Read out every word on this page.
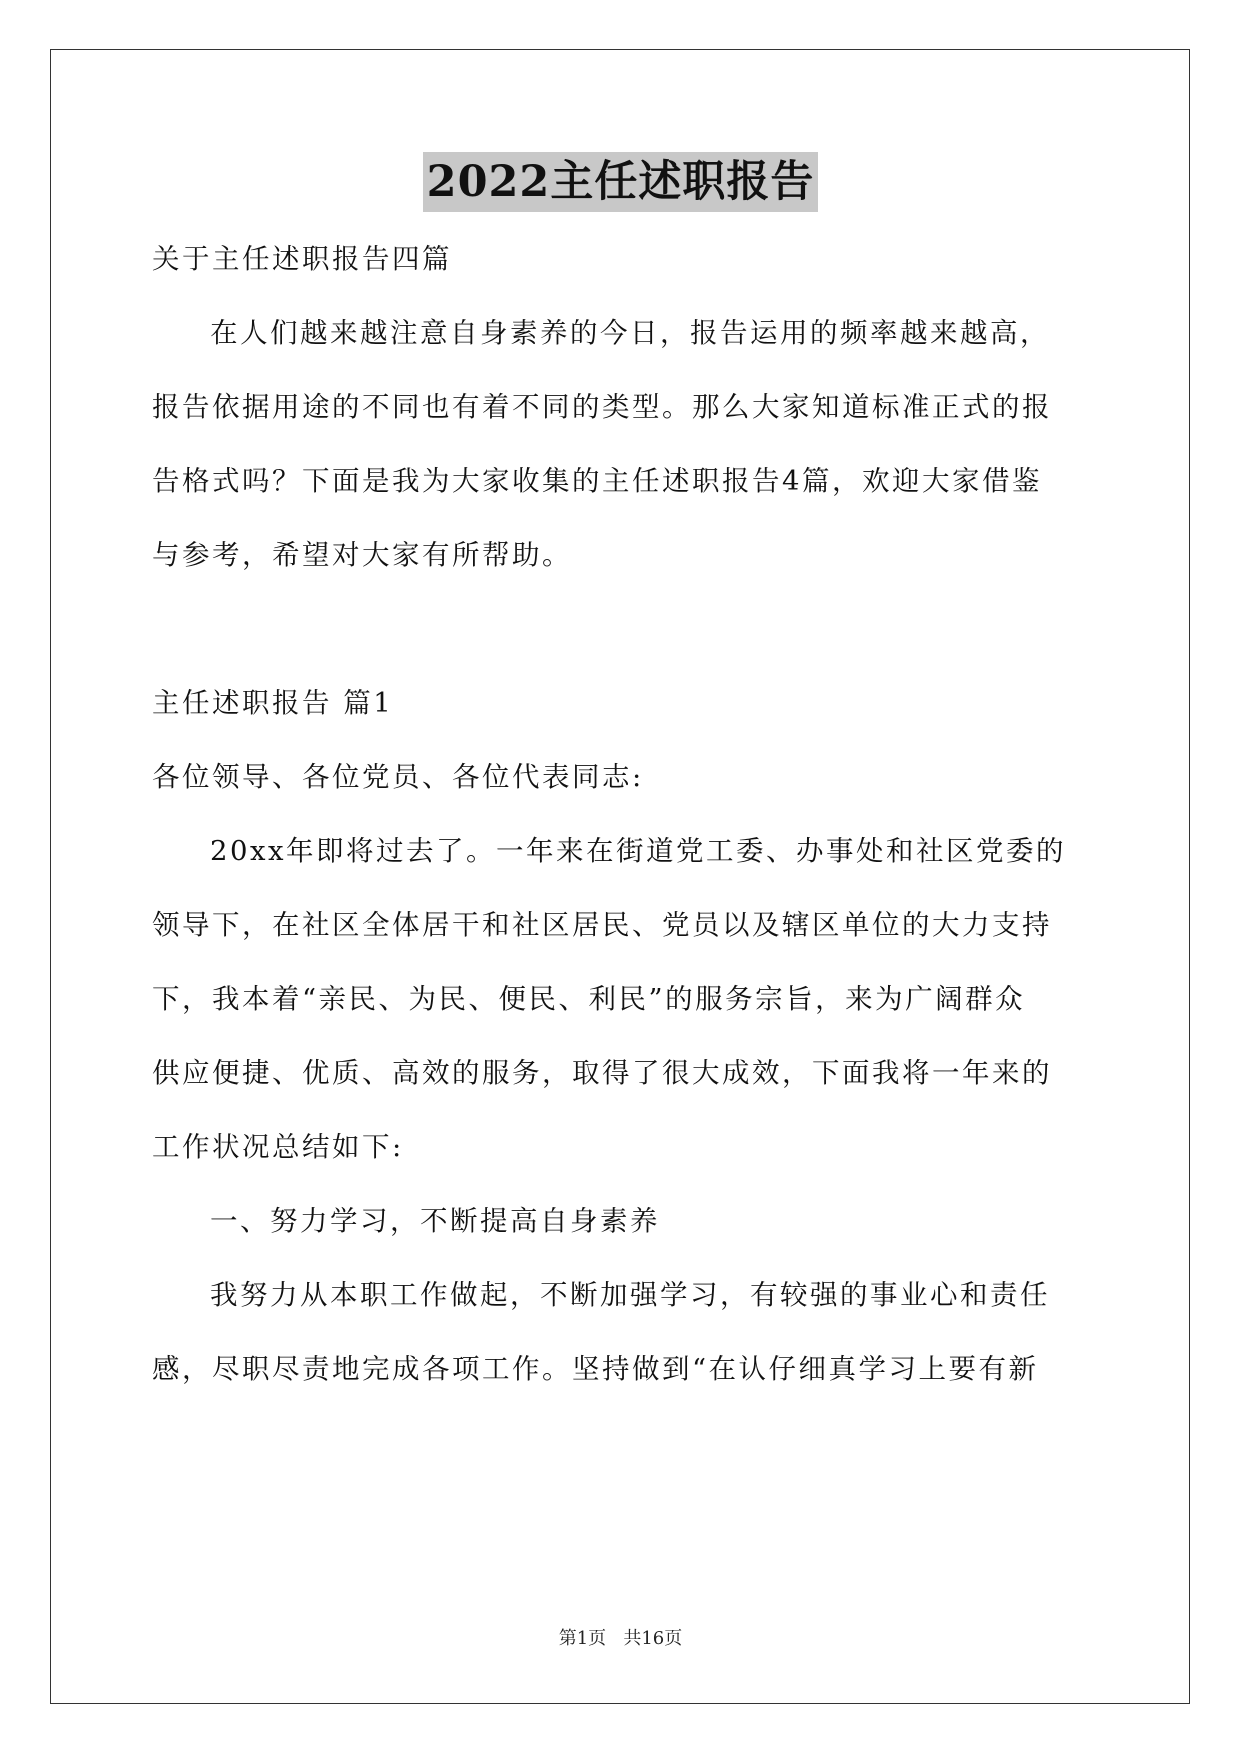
2022主任述职报告
关于主任述职报告四篇
在人们越来越注意自身素养的今日，报告运用的频率越来越高，
报告依据用途的不同也有着不同的类型。那么大家知道标准正式的报
告格式吗？下面是我为大家收集的主任述职报告4篇，欢迎大家借鉴
与参考，希望对大家有所帮助。
主任述职报告 篇1
各位领导、各位党员、各位代表同志:
20xx年即将过去了。一年来在街道党工委、办事处和社区党委的
领导下，在社区全体居干和社区居民、党员以及辖区单位的大力支持
下，我本着“亲民、为民、便民、利民”的服务宗旨，来为广阔群众
供应便捷、优质、高效的服务，取得了很大成效，下面我将一年来的
工作状况总结如下:
一、努力学习，不断提高自身素养
我努力从本职工作做起，不断加强学习，有较强的事业心和责任
感，尽职尽责地完成各项工作。坚持做到“在认仔细真学习上要有新
第1页   共16页
